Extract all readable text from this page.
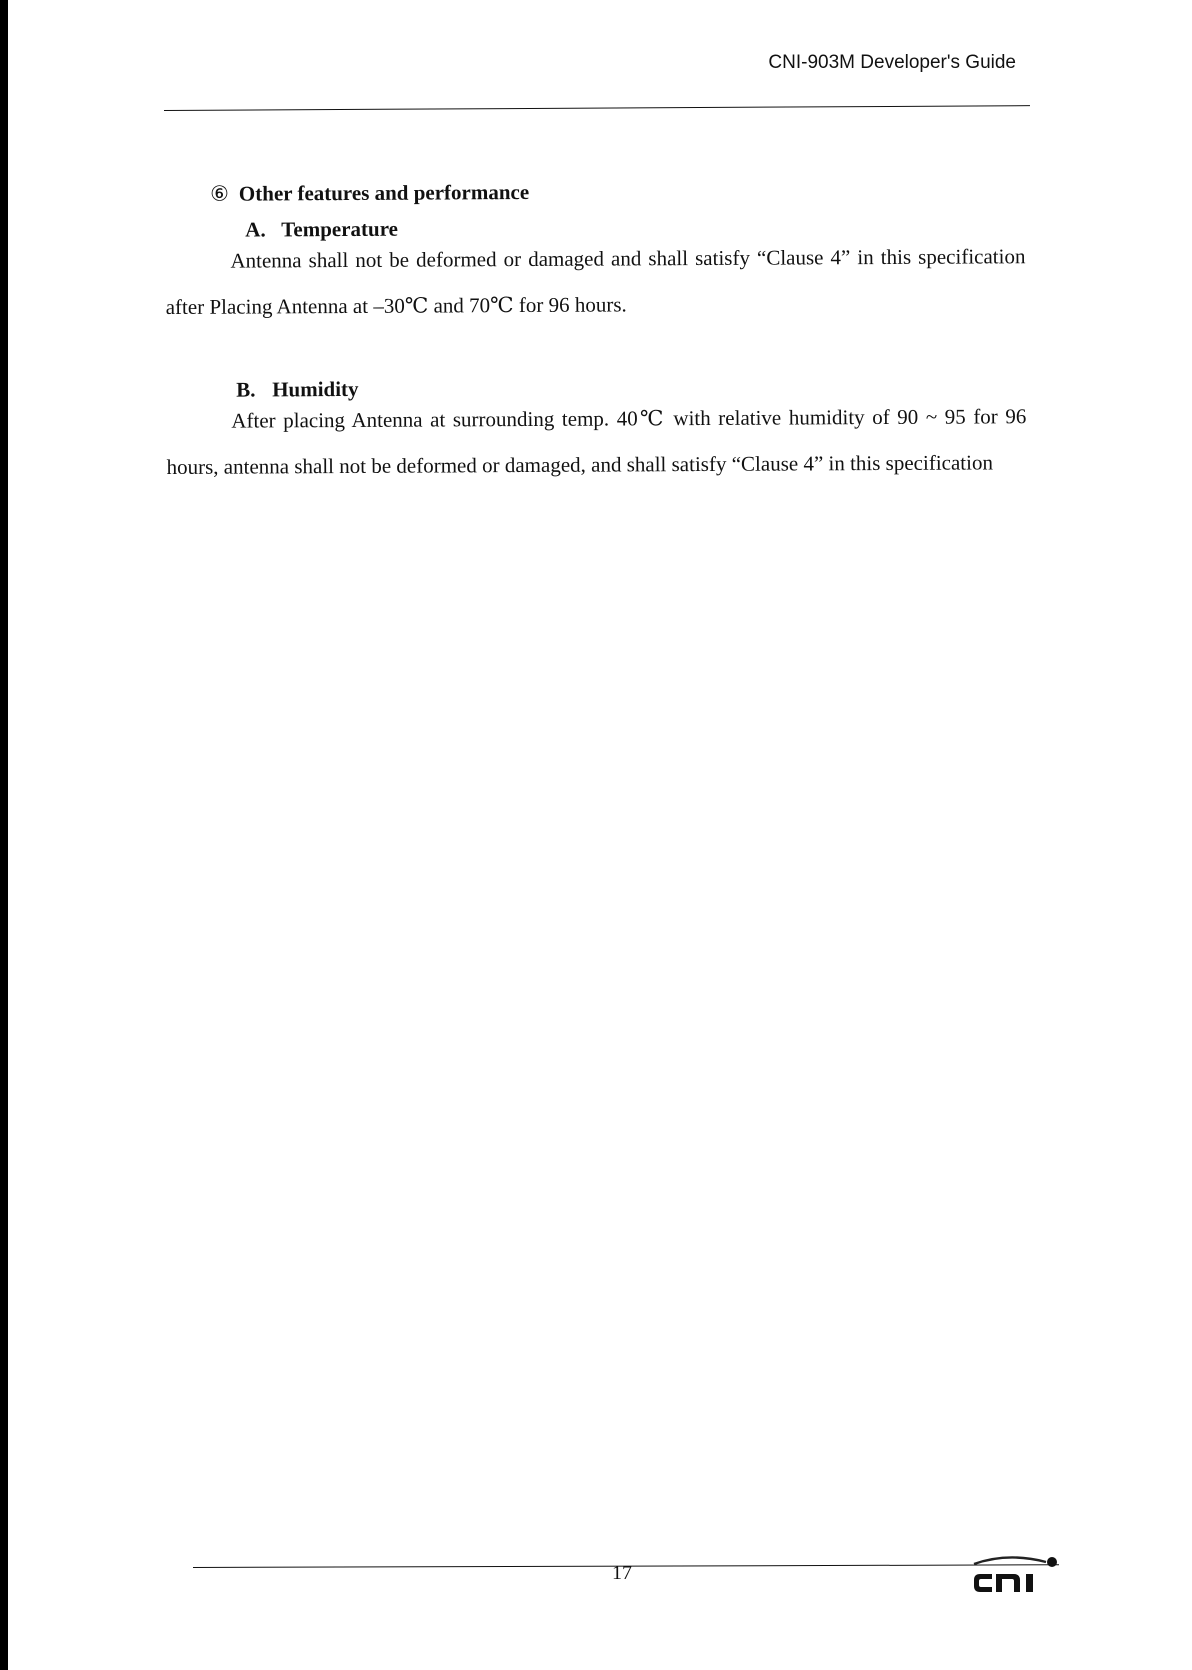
CNI-903M Developer's Guide
⑥ Other features and performance
A. Temperature

Antenna shall not be deformed or damaged and shall satisfy “Clause 4” in this specification after Placing Antenna at –30℃ and 70℃ for 96 hours.

B. Humidity

After placing Antenna at surrounding temp. 40℃ with relative humidity of 90 ~ 95 for 96 hours, antenna shall not be deformed or damaged, and shall satisfy “Clause 4” in this specification

17
